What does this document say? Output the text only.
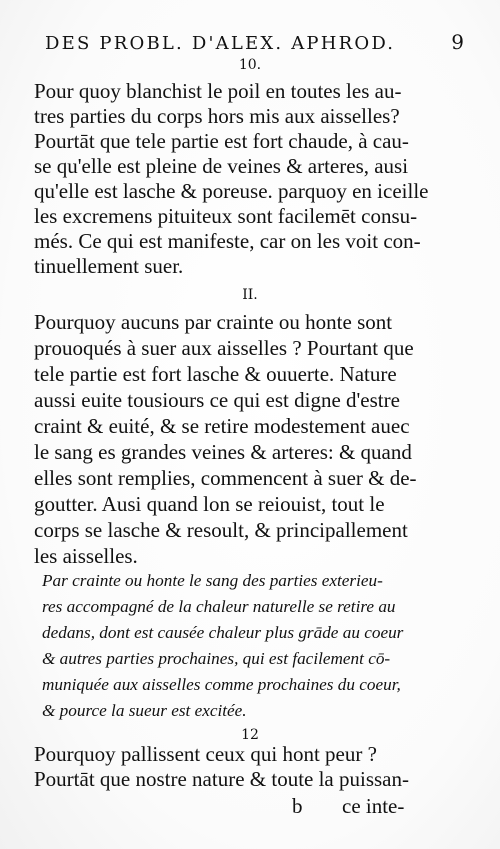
DES PROBL. D'ALEX. APHROD.	9
10.
Pour quoy blanchist le poil en toutes les au-
tres parties du corps hors mis aux aisselles?
Pourtāt que tele partie est fort chaude, à cau-
se qu'elle est pleine de veines & arteres, ausi
qu'elle est lasche & poreuse. parquoy en iceille
les excremens pituiteux sont facilemēt consu-
més. Ce qui est manifeste, car on les voit con-
tinuellement suer.
II.
Pourquoy aucuns par crainte ou honte sont
prouoqués à suer aux aisselles ? Pourtant que
tele partie est fort lasche & ouuerte. Nature
aussi euite tousiours ce qui est digne d'estre
craint & euité, & se retire modestement auec
le sang es grandes veines & arteres: & quand
elles sont remplies, commencent à suer & de-
goutter. Ausi quand lon se reiouist, tout le
corps se lasche & resoult, & principallement
les aisselles.
Par crainte ou honte le sang des parties exterieu-
res accompagné de la chaleur naturelle se retire au
dedans, dont est causée chaleur plus grāde au coeur
& autres parties prochaines, qui est facilement cō-
muniquée aux aisselles comme prochaines du coeur,
& pource la sueur est excitée.
12
Pourquoy pallissent ceux qui hont peur ?
Pourtāt que nostre nature & toute la puissan-
b ce inte-
